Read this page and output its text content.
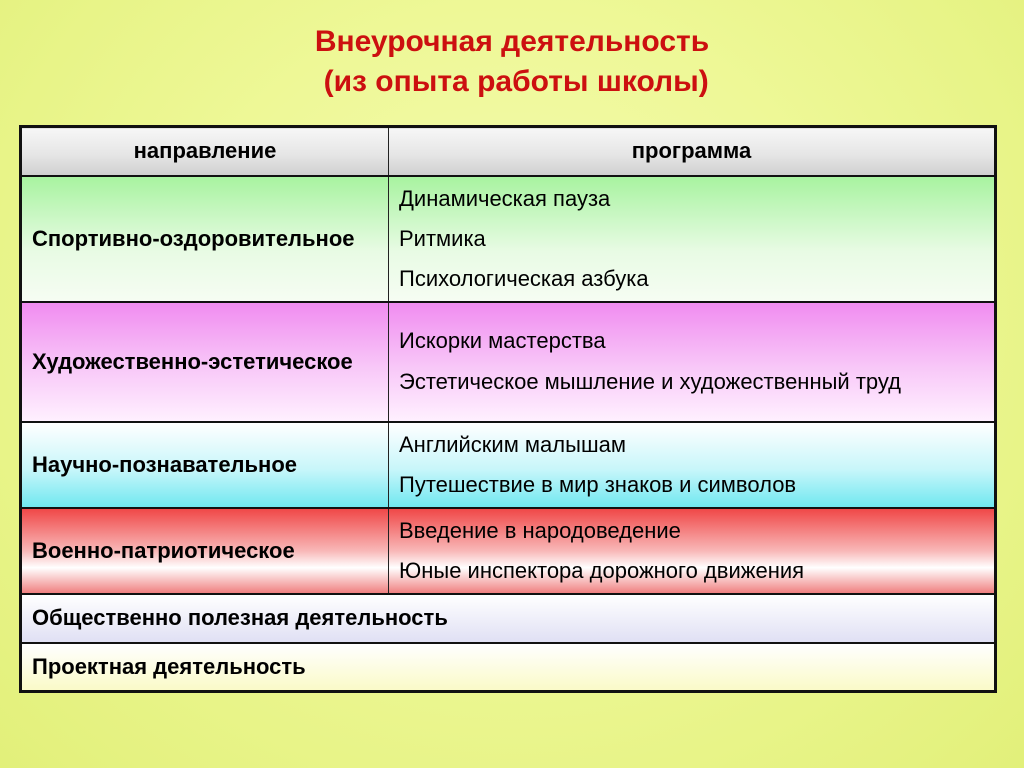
Внеурочная деятельность
(из опыта работы школы)
направление	программа
Спортивно-оздоровительное	Динамическая пауза
Ритмика
Психологическая азбука

Художественно-эстетическое	Искорки мастерства
Эстетическое мышление и художественный труд

Научно-познавательное	Английским малышам
Путешествие в мир знаков и символов

Военно-патриотическое	Введение в народоведение
Юные инспектора дорожного движения

Общественно полезная деятельность	
Проектная деятельность	
